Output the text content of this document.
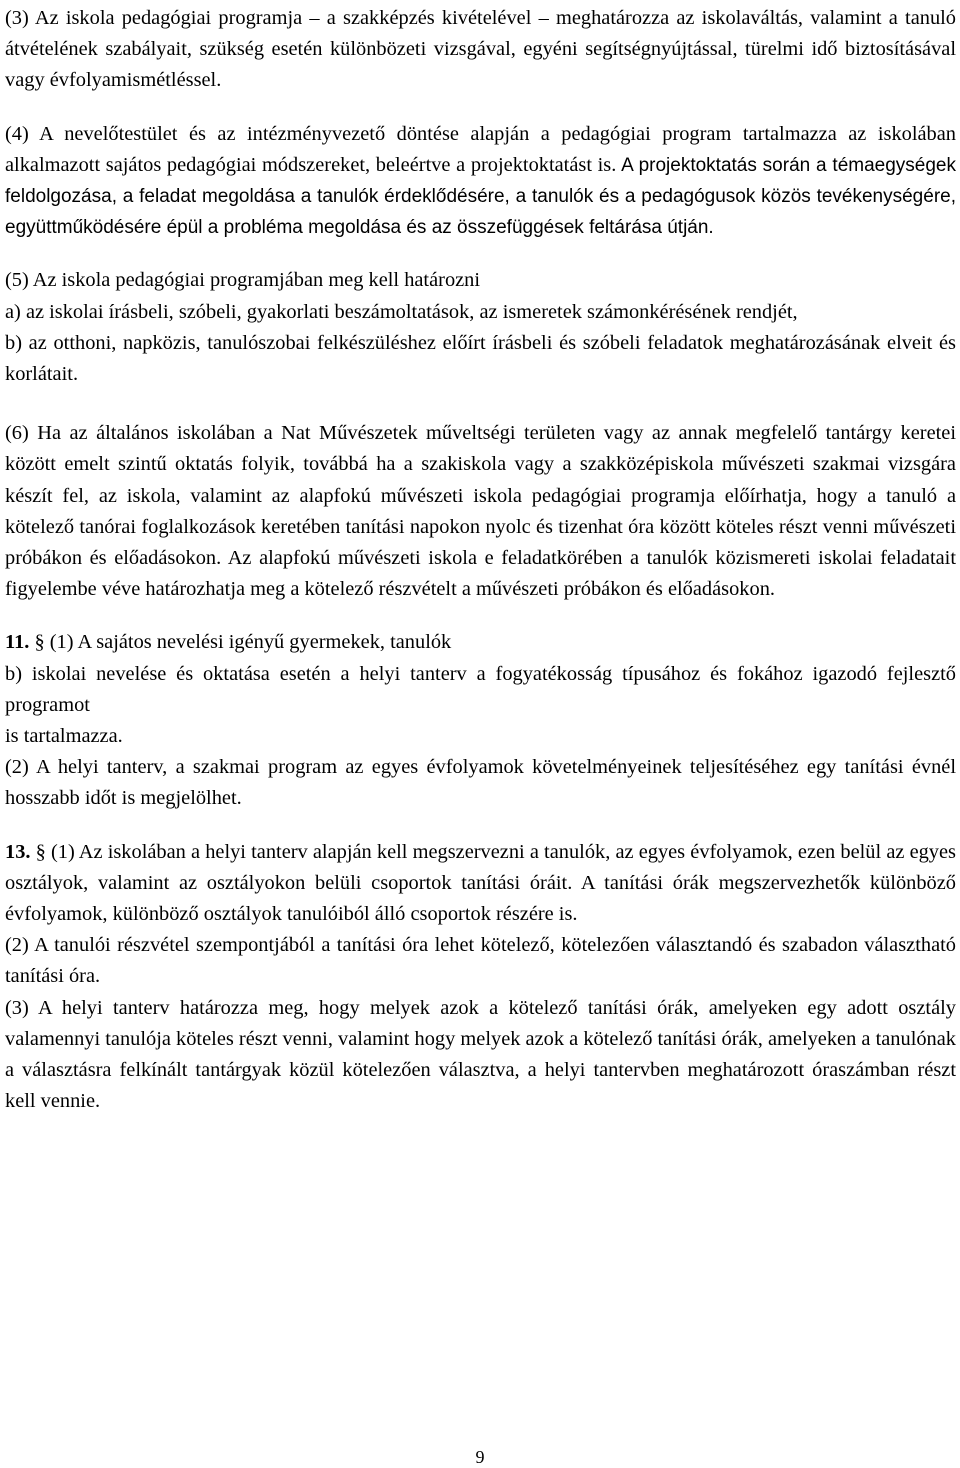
(3) Az iskola pedagógiai programja – a szakképzés kivételével – meghatározza az iskolaváltás, valamint a tanuló átvételének szabályait, szükség esetén különbözeti vizsgával, egyéni segítségnyújtással, türelmi idő biztosításával vagy évfolyamismétléssel.

(4) A nevelőtestület és az intézményvezető döntése alapján a pedagógiai program tartalmazza az iskolában alkalmazott sajátos pedagógiai módszereket, beleértve a projektoktatást is. A projektoktatás során a témaegységek feldolgozása, a feladat megoldása a tanulók érdeklődésére, a tanulók és a pedagógusok közös tevékenységére, együttműködésére épül a probléma megoldása és az összefüggések feltárása útján.

(5) Az iskola pedagógiai programjában meg kell határozni

a) az iskolai írásbeli, szóbeli, gyakorlati beszámoltatások, az ismeretek számonkérésének rendjét,

b) az otthoni, napközis, tanulószobai felkészüléshez előírt írásbeli és szóbeli feladatok meghatározásának elveit és korlátait.

(6) Ha az általános iskolában a Nat Művészetek műveltségi területen vagy az annak megfelelő tantárgy keretei között emelt szintű oktatás folyik, továbbá ha a szakiskola vagy a szakközépiskola művészeti szakmai vizsgára készít fel, az iskola, valamint az alapfokú művészeti iskola pedagógiai programja előírhatja, hogy a tanuló a kötelező tanórai foglalkozások keretében tanítási napokon nyolc és tizenhat óra között köteles részt venni művészeti próbákon és előadásokon. Az alapfokú művészeti iskola e feladatkörében a tanulók közismereti iskolai feladatait figyelembe véve határozhatja meg a kötelező részvételt a művészeti próbákon és előadásokon.

11. § (1) A sajátos nevelési igényű gyermekek, tanulók

b) iskolai nevelése és oktatása esetén a helyi tanterv a fogyatékosság típusához és fokához igazodó fejlesztő programot

is tartalmazza.

(2) A helyi tanterv, a szakmai program az egyes évfolyamok követelményeinek teljesítéséhez egy tanítási évnél hosszabb időt is megjelölhet.

13. § (1) Az iskolában a helyi tanterv alapján kell megszervezni a tanulók, az egyes évfolyamok, ezen belül az egyes osztályok, valamint az osztályokon belüli csoportok tanítási óráit. A tanítási órák megszervezhetők különböző évfolyamok, különböző osztályok tanulóiból álló csoportok részére is.

(2) A tanulói részvétel szempontjából a tanítási óra lehet kötelező, kötelezően választandó és szabadon választható tanítási óra.

(3) A helyi tanterv határozza meg, hogy melyek azok a kötelező tanítási órák, amelyeken egy adott osztály valamennyi tanulója köteles részt venni, valamint hogy melyek azok a kötelező tanítási órák, amelyeken a tanulónak a választásra felkínált tantárgyak közül kötelezően választva, a helyi tantervben meghatározott óraszámban részt kell vennie.

9
